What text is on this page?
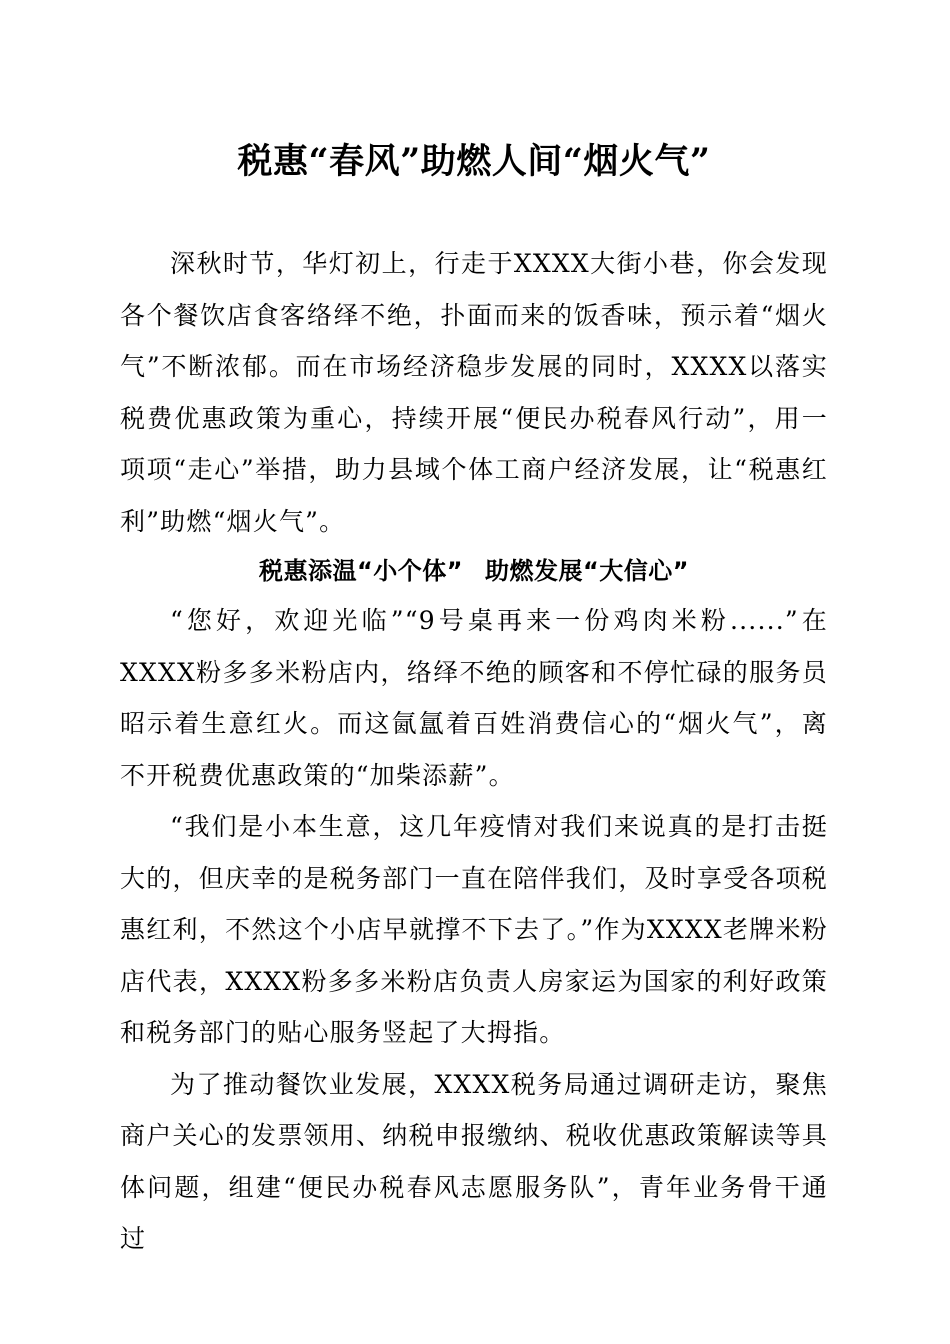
税惠“春风”助燃人间“烟火气”

深秋时节，华灯初上，行走于XXXX大街小巷，你会发现各个餐饮店食客络绎不绝，扑面而来的饭香味，预示着“烟火气”不断浓郁。而在市场经济稳步发展的同时，XXXX以落实税费优惠政策为重心，持续开展“便民办税春风行动”，用一项项“走心”举措，助力县域个体工商户经济发展，让“税惠红利”助燃“烟火气”。

税惠添温“小个体” 助燃发展“大信心”

“您好，欢迎光临”“9号桌再来一份鸡肉米粉......”在XXXX粉多多米粉店内，络绎不绝的顾客和不停忙碌的服务员昭示着生意红火。而这氤氲着百姓消费信心的“烟火气”，离不开税费优惠政策的“加柴添薪”。

“我们是小本生意，这几年疫情对我们来说真的是打击挺大的，但庆幸的是税务部门一直在陪伴我们，及时享受各项税惠红利，不然这个小店早就撑不下去了。”作为XXXX老牌米粉店代表，XXXX粉多多米粉店负责人房家运为国家的利好政策和税务部门的贴心服务竖起了大拇指。

为了推动餐饮业发展，XXXX税务局通过调研走访，聚焦商户关心的发票领用、纳税申报缴纳、税收优惠政策解读等具体问题，组建“便民办税春风志愿服务队”，青年业务骨干通过
